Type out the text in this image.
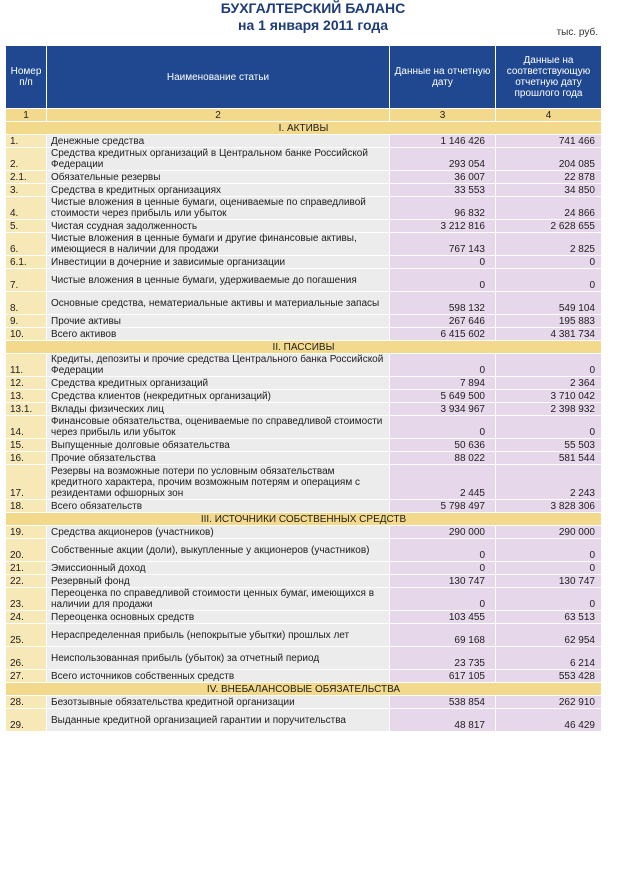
БУХГАЛТЕРСКИЙ БАЛАНС
на 1 января 2011 года	тыс. руб.
Номер п/п	Наименование статьи	Данные на отчетную дату	Данные на соответствующую отчетную дату прошлого года
1	2	3	4
I. АКТИВЫ			
1.	Денежные средства	1 146 426	741 466
2.	Средства кредитных организаций в Центральном банке Российской Федерации	293 054	204 085
2.1.	Обязательные резервы	36 007	22 878
3.	Средства в кредитных организациях	33 553	34 850
4.	Чистые вложения в ценные бумаги, оцениваемые по справедливой стоимости через прибыль или убыток	96 832	24 866
5.	Чистая ссудная задолженность	3 212 816	2 628 655
6.	Чистые вложения в ценные бумаги и другие финансовые активы, имеющиеся в наличии для продажи	767 143	2 825
6.1.	Инвестиции в дочерние и зависимые организации	0	0
7.	Чистые вложения в ценные бумаги, удерживаемые до погашения	0	0
8.	Основные средства, нематериальные активы и материальные запасы	598 132	549 104
9.	Прочие активы	267 646	195 883
10.	Всего активов	6 415 602	4 381 734
II. ПАССИВЫ			
11.	Кредиты, депозиты и прочие средства Центрального банка Российской Федерации	0	0
12.	Средства кредитных организаций	7 894	2 364
13.	Средства клиентов (некредитных организаций)	5 649 500	3 710 042
13.1.	Вклады физических лиц	3 934 967	2 398 932
14.	Финансовые обязательства, оцениваемые по справедливой стоимости через прибыль или убыток	0	0
15.	Выпущенные долговые обязательства	50 636	55 503
16.	Прочие обязательства	88 022	581 544
17.	Резервы на возможные потери по условным обязательствам кредитного характера, прочим возможным потерям и операциям с резидентами офшорных зон	2 445	2 243
18.	Всего обязательств	5 798 497	3 828 306
III. ИСТОЧНИКИ СОБСТВЕННЫХ СРЕДСТВ			
19.	Средства акционеров (участников)	290 000	290 000
20.	Собственные акции (доли), выкупленные у акционеров (участников)	0	0
21.	Эмиссионный доход	0	0
22.	Резервный фонд	130 747	130 747
23.	Переоценка по справедливой стоимости ценных бумаг, имеющихся в наличии для продажи	0	0
24.	Переоценка основных средств	103 455	63 513
25.	Нераспределенная прибыль (непокрытые убытки) прошлых лет	69 168	62 954
26.	Неиспользованная прибыль (убыток) за отчетный период	23 735	6 214
27.	Всего источников собственных средств	617 105	553 428
IV. ВНЕБАЛАНСОВЫЕ ОБЯЗАТЕЛЬСТВА			
28.	Безотзывные обязательства кредитной организации	538 854	262 910
29.	Выданные кредитной организацией гарантии и поручительства	48 817	46 429
